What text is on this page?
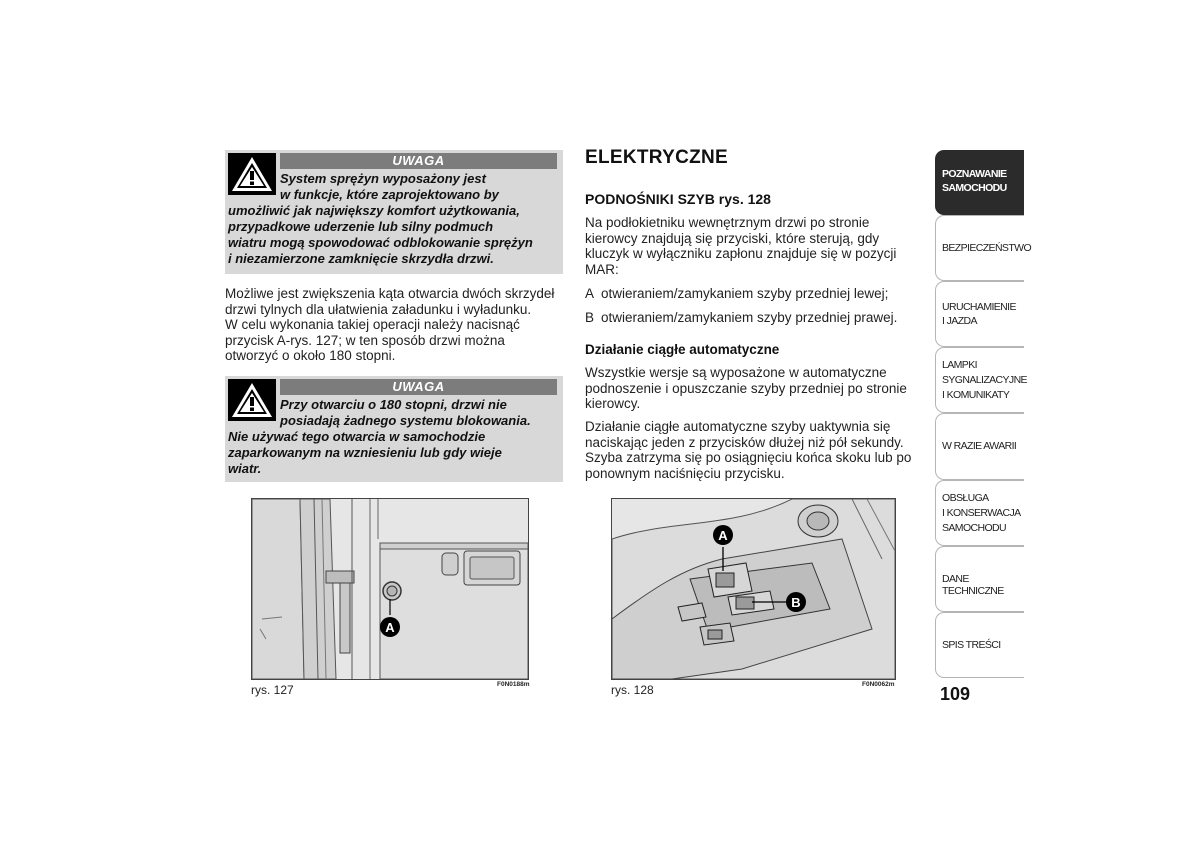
UWAGA
System sprężyn wyposażony jest
w funkcje, które zaprojektowano by
umożliwić jak największy komfort użytkowania,
przypadkowe uderzenie lub silny podmuch
wiatru mogą spowodować odblokowanie sprężyn
i niezamierzone zamknięcie skrzydła drzwi.
Możliwe jest zwiększenia kąta otwarcia dwóch skrzydeł
drzwi tylnych dla ułatwienia załadunku i wyładunku.
W celu wykonania takiej operacji należy nacisnąć
przycisk A-rys. 127; w ten sposób drzwi można
otworzyć o około 180 stopni.
UWAGA
Przy otwarciu o 180 stopni, drzwi nie
posiadają żadnego systemu blokowania.
Nie używać tego otwarcia w samochodzie
zaparkowanym na wzniesieniu lub gdy wieje
wiatr.
A
rys. 127	F0N0188m
ELEKTRYCZNE
PODNOŚNIKI SZYB rys. 128
Na podłokietniku wewnętrznym drzwi po stronie
kierowcy znajdują się przyciski, które sterują, gdy
kluczyk w wyłączniku zapłonu znajduje się w pozycji
MAR:
A otwieraniem/zamykaniem szyby przedniej lewej;
B otwieraniem/zamykaniem szyby przedniej prawej.
Działanie ciągłe automatyczne
Wszystkie wersje są wyposażone w automatyczne
podnoszenie i opuszczanie szyby przedniej po stronie
kierowcy.
Działanie ciągłe automatyczne szyby uaktywnia się
naciskając jeden z przycisków dłużej niż pół sekundy.
Szyba zatrzyma się po osiągnięciu końca skoku lub po
ponownym naciśnięciu przycisku.
A
B
rys. 128	F0N0062m
POZNAWANIE
SAMOCHODU
BEZPIECZEŃSTWO
URUCHAMIENIE
I JAZDA
LAMPKI
SYGNALIZACYJNE
I KOMUNIKATY
W RAZIE AWARII
OBSŁUGA
I KONSERWACJA
SAMOCHODU
DANE TECHNICZNE
SPIS TREŚCI
109
